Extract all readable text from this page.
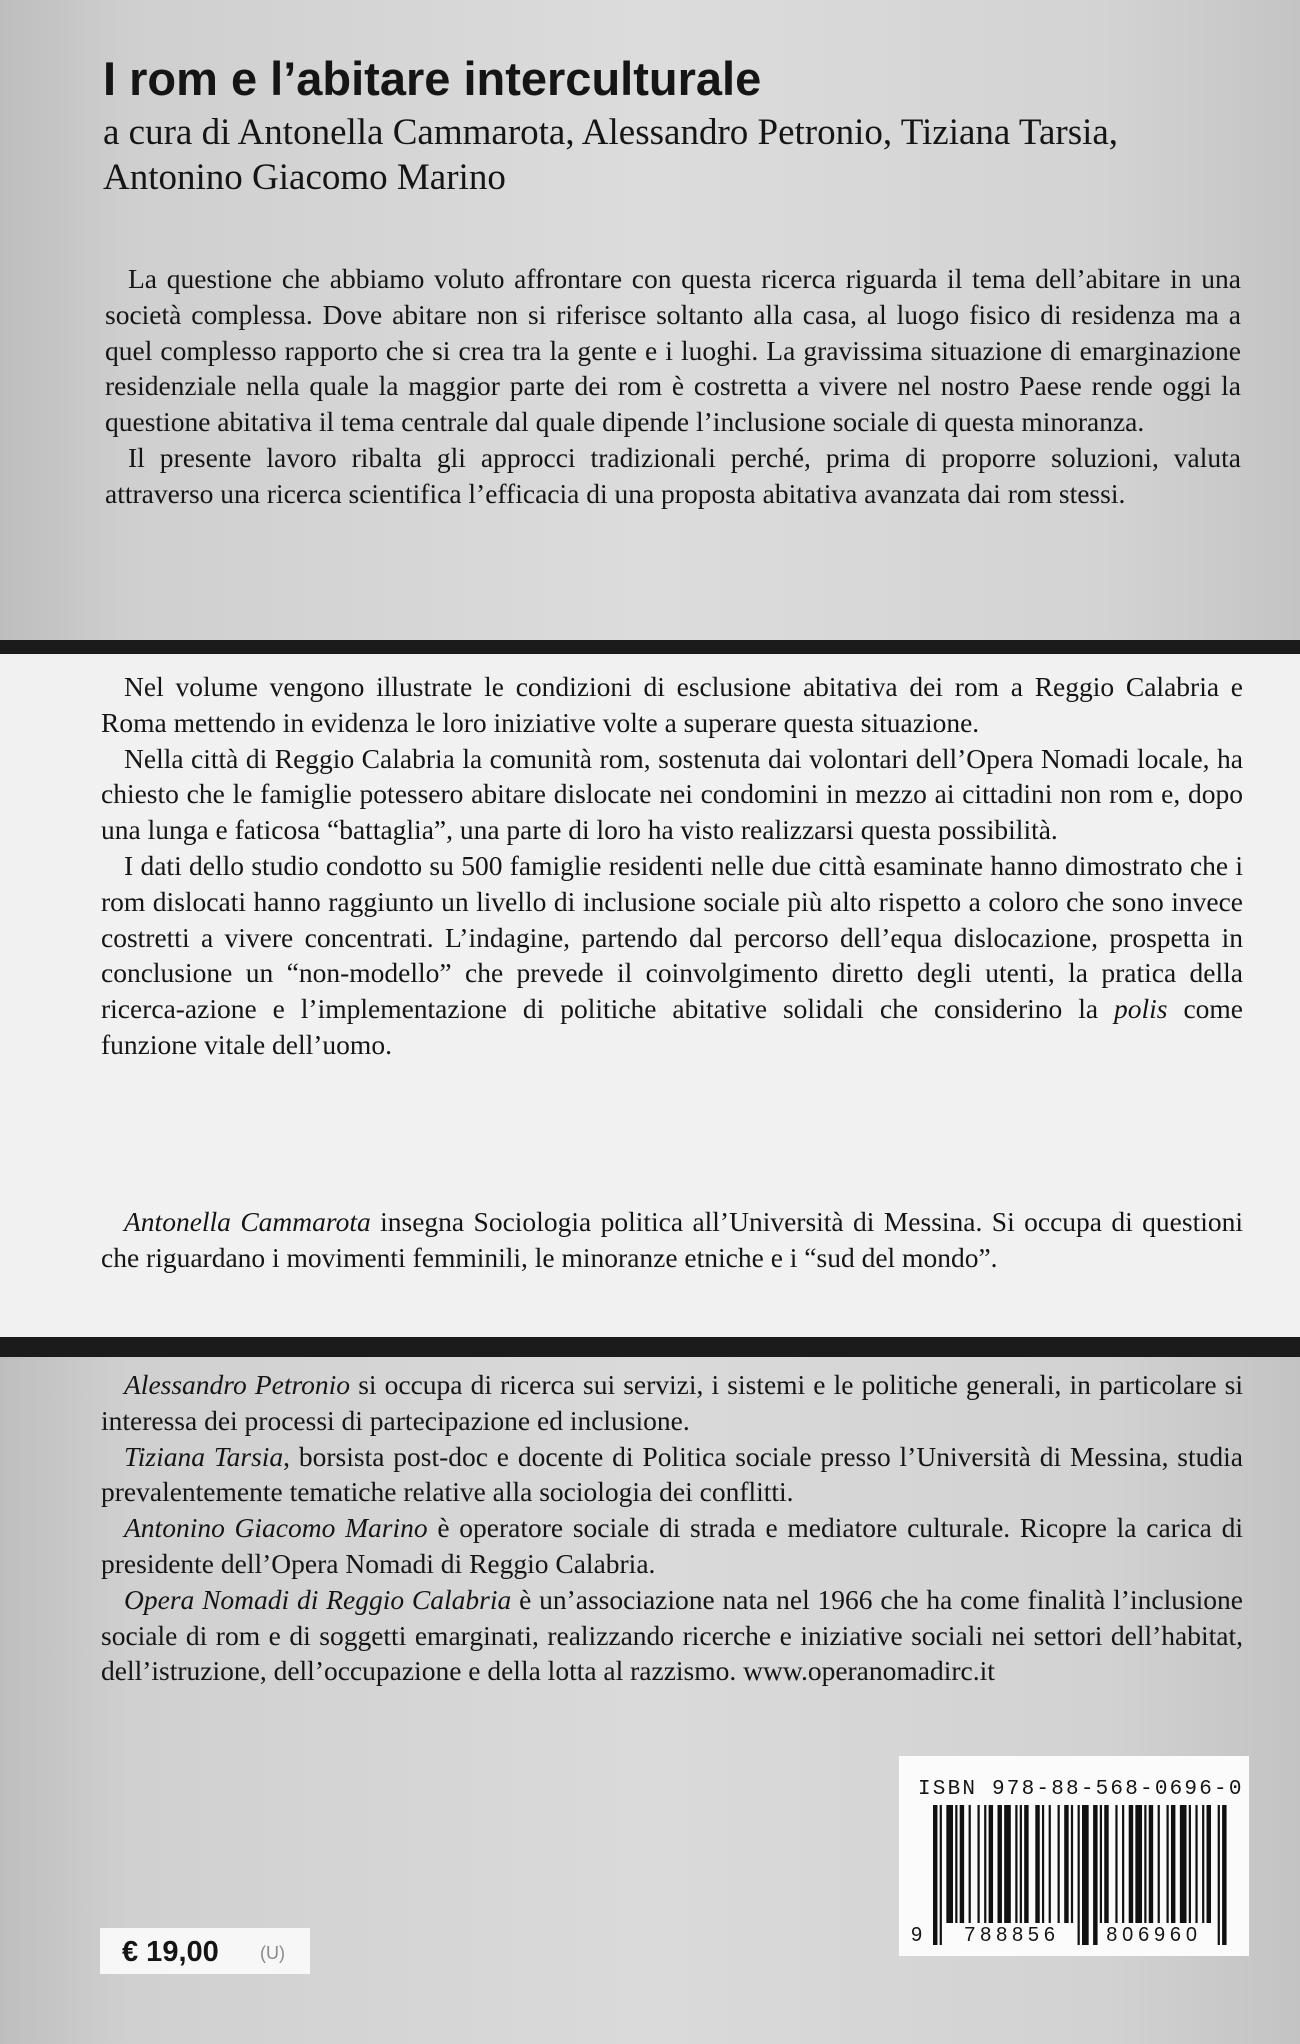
I rom e l’abitare interculturale

a cura di Antonella Cammarota, Alessandro Petronio, Tiziana Tarsia, Antonino Giacomo Marino

La questione che abbiamo voluto affrontare con questa ricerca riguarda il tema dell’abitare in una società complessa. Dove abitare non si riferisce soltanto alla casa, al luogo fisico di residenza ma a quel complesso rapporto che si crea tra la gente e i luoghi. La gravissima situazione di emarginazione residenziale nella quale la maggior parte dei rom è costretta a vivere nel nostro Paese rende oggi la questione abitativa il tema centrale dal quale dipende l’inclusione sociale di questa minoranza.

Il presente lavoro ribalta gli approcci tradizionali perché, prima di proporre soluzioni, valuta attraverso una ricerca scientifica l’efficacia di una proposta abitativa avanzata dai rom stessi.

Nel volume vengono illustrate le condizioni di esclusione abitativa dei rom a Reggio Calabria e Roma mettendo in evidenza le loro iniziative volte a superare questa situazione.

Nella città di Reggio Calabria la comunità rom, sostenuta dai volontari dell’Opera Nomadi locale, ha chiesto che le famiglie potessero abitare dislocate nei condomini in mezzo ai cittadini non rom e, dopo una lunga e faticosa “battaglia”, una parte di loro ha visto realizzarsi questa possibilità.

I dati dello studio condotto su 500 famiglie residenti nelle due città esaminate hanno dimostrato che i rom dislocati hanno raggiunto un livello di inclusione sociale più alto rispetto a coloro che sono invece costretti a vivere concentrati. L’indagine, partendo dal percorso dell’equa dislocazione, prospetta in conclusione un “non-modello” che prevede il coinvolgimento diretto degli utenti, la pratica della ricerca-azione e l’implementazione di politiche abitative solidali che considerino la polis come funzione vitale dell’uomo.

Antonella Cammarota insegna Sociologia politica all’Università di Messina. Si occupa di questioni che riguardano i movimenti femminili, le minoranze etniche e i “sud del mondo”.

Alessandro Petronio si occupa di ricerca sui servizi, i sistemi e le politiche generali, in particolare si interessa dei processi di partecipazione ed inclusione.

Tiziana Tarsia, borsista post-doc e docente di Politica sociale presso l’Università di Messina, studia prevalentemente tematiche relative alla sociologia dei conflitti.

Antonino Giacomo Marino è operatore sociale di strada e mediatore culturale. Ricopre la carica di presidente dell’Opera Nomadi di Reggio Calabria.

Opera Nomadi di Reggio Calabria è un’associazione nata nel 1966 che ha come finalità l’inclusione sociale di rom e di soggetti emarginati, realizzando ricerche e iniziative sociali nei settori dell’habitat, dell’istruzione, dell’occupazione e della lotta al razzismo. www.operanomadirc.it

ISBN 978-88-568-0696-0
9	788856	806960
€ 19,00 (U)
